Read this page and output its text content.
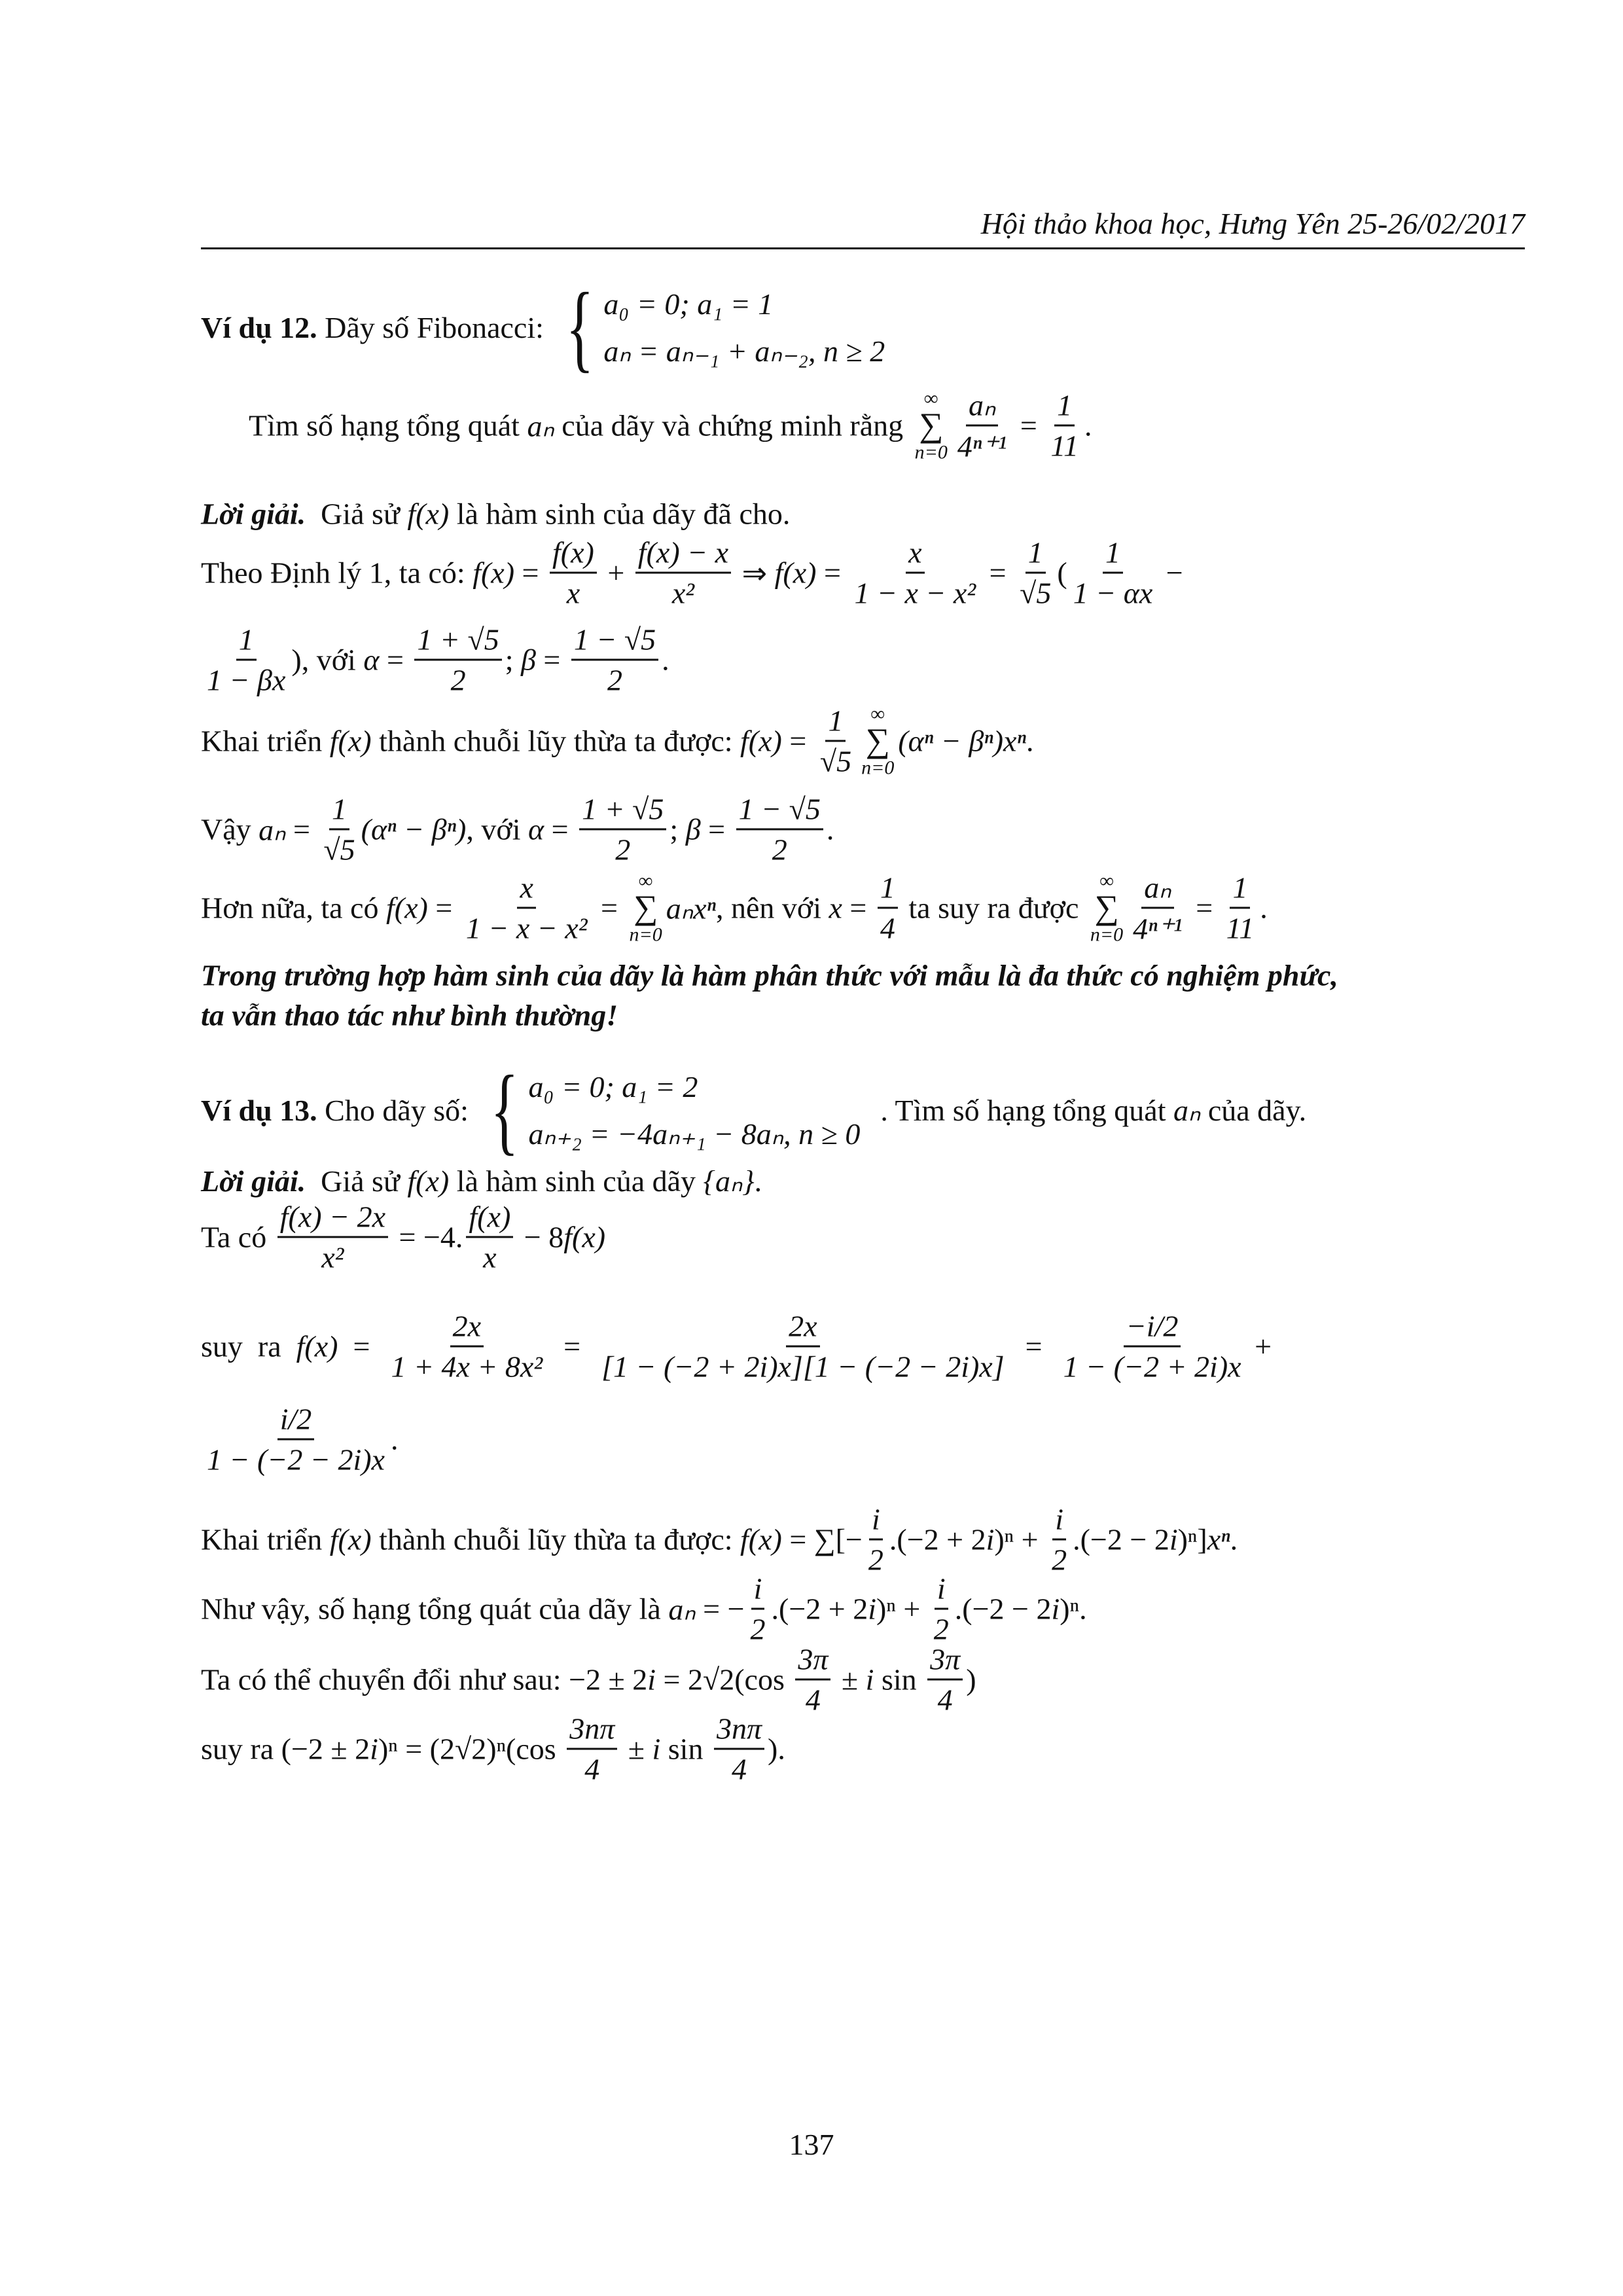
Hội thảo khoa học, Hưng Yên 25-26/02/2017
Ví dụ 12. Dãy số Fibonacci: { a₀ = 0; a₁ = 1
aₙ = aₙ₋₁ + aₙ₋₂, n ≥ 2
Tìm số hạng tổng quát aₙ của dãy và chứng minh rằng
∞
∑
$n=0 \frac{\text{aₙ}}{\text{4ⁿ⁺¹}} = \frac{1}{11}$ .
Lời giải. Giả sử f(x) là hàm sinh của dãy đã cho.
Theo Định lý 1, ta có: $f(x) = \frac{f(x)}{x} + \frac{f(x) - x}{\text{x²}}$ ⇒ $f(x) = \frac{x}{\text{1 − x − x²}} = \frac{1}{√5}$ ( $\frac{1}{1 - \alpha x}$ −
$\frac{1}{1 - \beta x}$ ), với $\alpha = \frac{1 + √5}{2}$ ; $\beta = \frac{1 - √5}{2}$ .
Khai triển f(x) thành chuỗi lũy thừa ta được: $f(x) = \frac{1}{√5}$ ∞
∑
n=0
(αⁿ − βⁿ)xⁿ .
Vậy $a_n = \frac{1}{√5} (\alpha^n - \beta^n)$ , với $\alpha = \frac{1 + √5}{2}$ ; $\beta = \frac{1 - √5}{2}$ .
Hơn nữa, ta có $f(x) = \frac{x}{\text{1 − x − x²}}$ =
∞
∑
n=0
aₙxⁿ , nên với $x = \frac{1}{4}$ ta suy ra được
∞
∑
$n=0 \frac{\text{aₙ}}{\text{4ⁿ⁺¹}} = \frac{1}{11}$ .
Trong trường hợp hàm sinh của dãy là hàm phân thức với mẫu là đa thức có nghiệm phức,
ta vẫn thao tác như bình thường!
Ví dụ 13. Cho dãy số: { a₀ = 0; a₁ = 2
aₙ₊₂ = −4aₙ₊₁ − 8aₙ, n ≥ 0
. Tìm số hạng tổng quát aₙ của dãy.
Lời giải. Giả sử f(x) là hàm sinh của dãy {aₙ} .
Ta có $\frac{f(x) - 2x}{\text{x²}} = -4$. $\frac{f(x)}{x} - 8$ f(x)
suy  ra $f(x) = \frac{2x}{\text{1 + 4x + 8x²}} = \frac{2x}{[1 - (-2 + 2i)x][1 - (-2 - 2i)x]} = \frac{-i/2}{1 - (-2 + 2i)x}$ +
$\frac{i/2}{1 - (-2 - 2i)x}$ .
Khai triển f(x) thành chuỗi lũy thừa ta được: f(x) = ∑[− $\frac{i}{2} .(-2 + 2$ i )$^n + \frac{i}{2} .(-2 - 2$ i )ⁿ] xⁿ .
Như vậy, số hạng tổng quát của dãy là aₙ = − $\frac{i}{2} .(-2 + 2$ i )$^n + \frac{i}{2} .(-2 - 2$ i )ⁿ.
Ta có thể chuyển đổi như sau: −2 ± 2 $i = 2√2(\cos \frac{3\pi}{4} \pm i$ $\sin \frac{3\pi}{4}$ )
suy ra (−2 ± 2 i )$^n = (2√2)^n(\cos \frac{3n\pi}{4} \pm i$ $\sin \frac{3n\pi}{4}$ ).
137
